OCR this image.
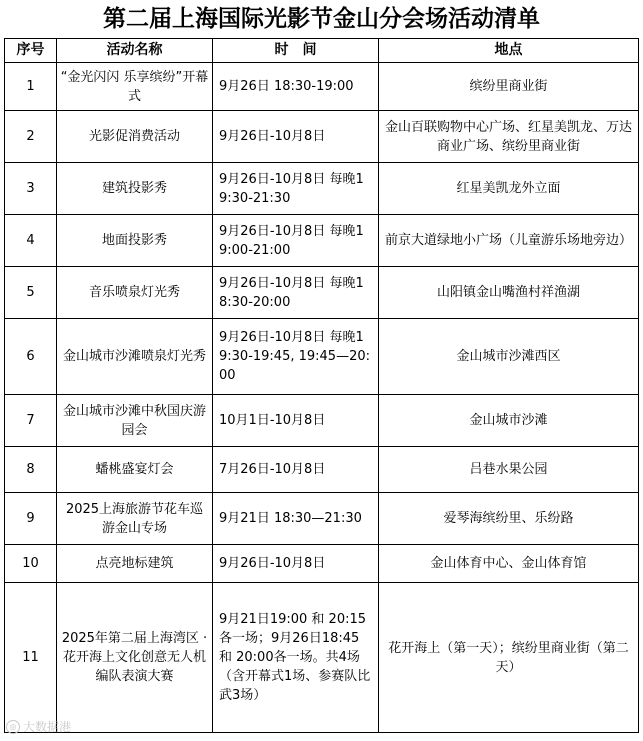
第二届上海国际光影节金山分会场活动清单
序号	活动名称	时　间	地点
1	“金光闪闪 乐享缤纷”开幕式	9月26日 18:30-19:00	缤纷里商业街
2	光影促消费活动	9月26日-10月8日	金山百联购物中心广场、红星美凯龙、万达商业广场、缤纷里商业街
3	建筑投影秀	9月26日-10月8日 每晚19:30-21:30	红星美凯龙外立面
4	地面投影秀	9月26日-10月8日 每晚19:00-21:00	前京大道绿地小广场（儿童游乐场地旁边）
5	音乐喷泉灯光秀	9月26日-10月8日 每晚18:30-20:00	山阳镇金山嘴渔村祥渔湖
6	金山城市沙滩喷泉灯光秀	9月26日-10月8日 每晚19:30-19:45, 19:45—20:00	金山城市沙滩西区
7	金山城市沙滩中秋国庆游园会	10月1日-10月8日	金山城市沙滩
8	蟠桃盛宴灯会	7月26日-10月8日	吕巷水果公园
9	2025上海旅游节花车巡游金山专场	9月21日 18:30—21:30	爱琴海缤纷里、乐纷路
10	点亮地标建筑	9月26日-10月8日	金山体育中心、金山体育馆
11	2025年第二届上海湾区 ·花开海上文化创意无人机编队表演大赛	9月21日19:00 和 20:15各一场；9月26日18:45 和 20:00各一场。共4场（含开幕式1场、参赛队比武3场）	花开海上（第一天）；缤纷里商业街（第二天）
◎ 大数据港
